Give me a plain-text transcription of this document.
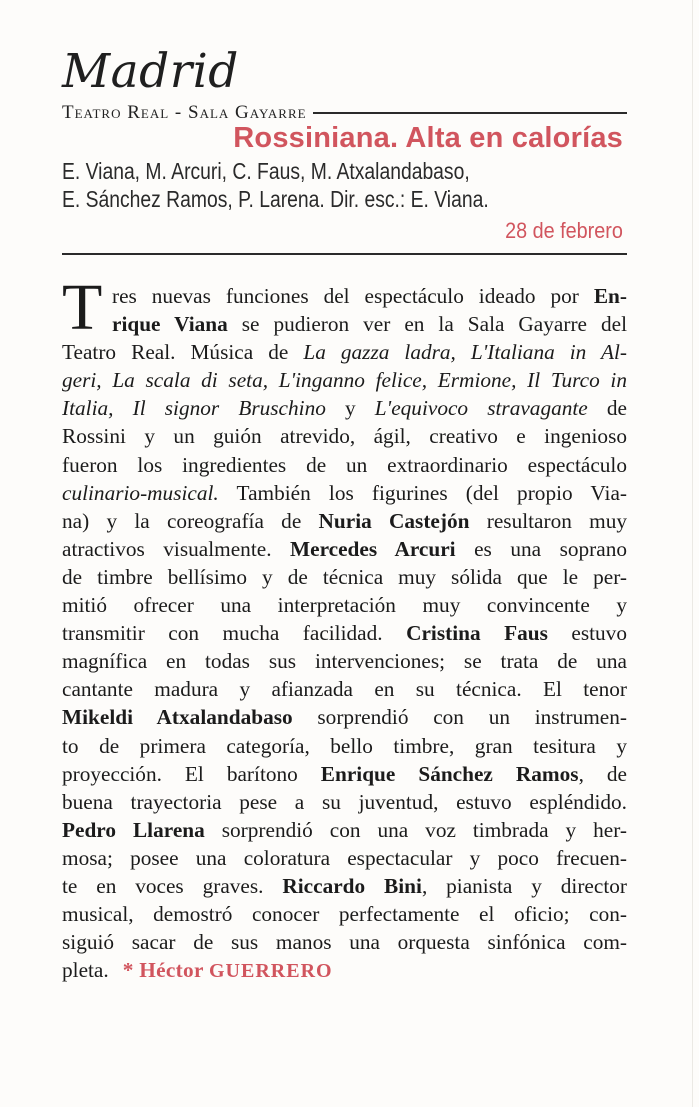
Madrid
Teatro Real - Sala Gayarre
Rossiniana. Alta en calorías
E. Viana, M. Arcuri, C. Faus, M. Atxalandabaso,
E. Sánchez Ramos, P. Larena. Dir. esc.: E. Viana.
28 de febrero
T res nuevas funciones del espectáculo ideado por En-
rique Viana se pudieron ver en la Sala Gayarre del
Teatro Real. Música de La gazza ladra, L'Italiana in Al-
geri, La scala di seta, L'inganno felice, Ermione, Il Turco in
Italia, Il signor Bruschino y L'equivoco stravagante de
Rossini y un guión atrevido, ágil, creativo e ingenioso
fueron los ingredientes de un extraordinario espectáculo
culinario-musical. También los figurines (del propio Via-
na) y la coreografía de Nuria Castejón resultaron muy
atractivos visualmente. Mercedes Arcuri es una soprano
de timbre bellísimo y de técnica muy sólida que le per-
mitió ofrecer una interpretación muy convincente y
transmitir con mucha facilidad. Cristina Faus estuvo
magnífica en todas sus intervenciones; se trata de una
cantante madura y afianzada en su técnica. El tenor
Mikeldi Atxalandabaso sorprendió con un instrumen-
to de primera categoría, bello timbre, gran tesitura y
proyección. El barítono Enrique Sánchez Ramos, de
buena trayectoria pese a su juventud, estuvo espléndido.
Pedro Llarena sorprendió con una voz timbrada y her-
mosa; posee una coloratura espectacular y poco frecuen-
te en voces graves. Riccardo Bini, pianista y director
musical, demostró conocer perfectamente el oficio; con-
siguió sacar de sus manos una orquesta sinfónica com-
pleta. * Héctor GUERRERO
